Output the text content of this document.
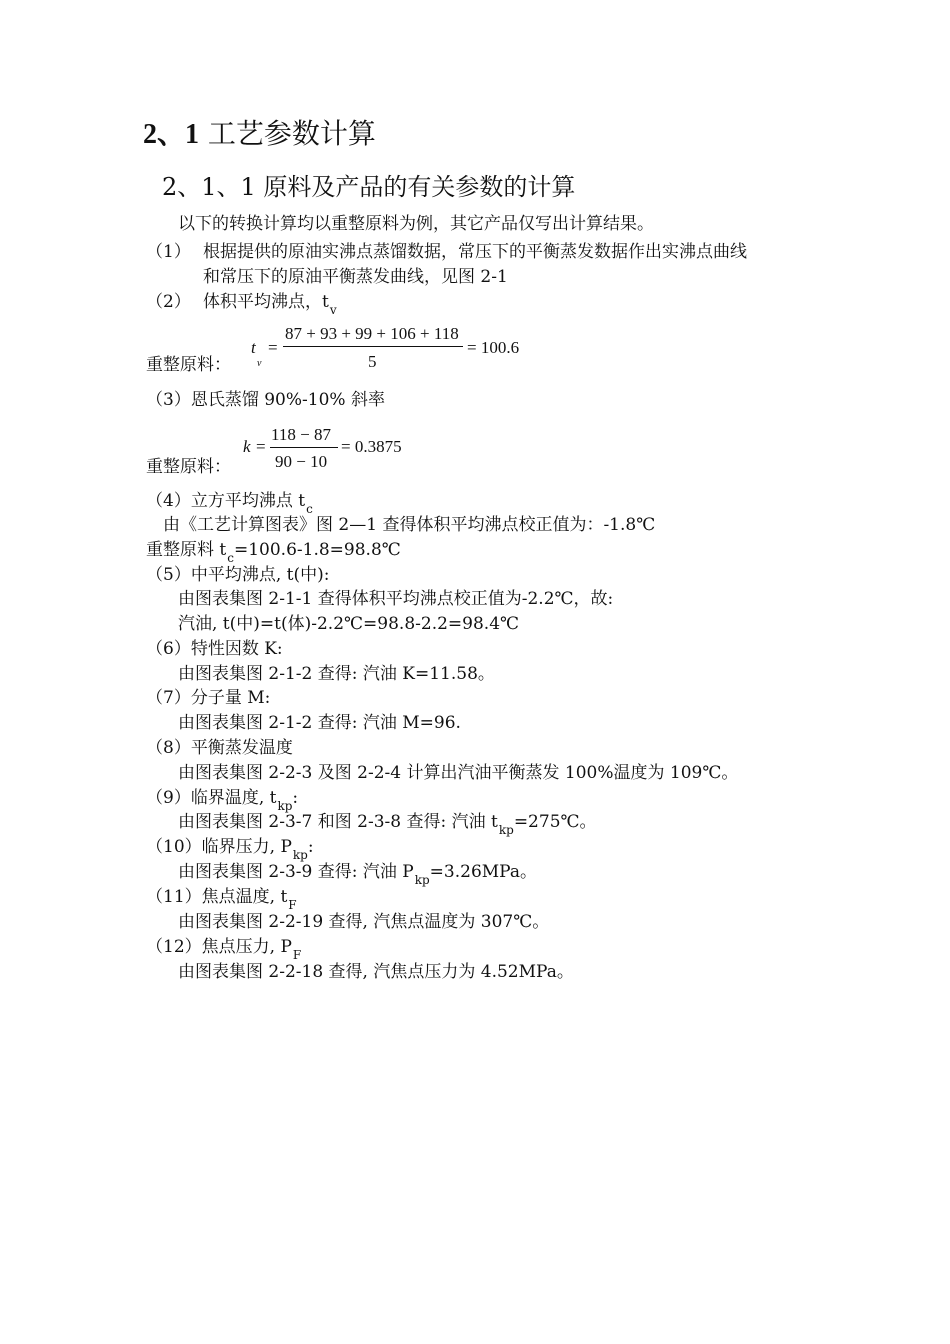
2、1 工艺参数计算
2、1、1 原料及产品的有关参数的计算
以下的转换计算均以重整原料为例，其它产品仅写出计算结果。
（1） 根据提供的原油实沸点蒸馏数据，常压下的平衡蒸发数据作出实沸点曲线
和常压下的原油平衡蒸发曲线，见图 2-1
（2） 体积平均沸点，$t_v$
重整原料：
t
v
=
87 + 93 + 99 + 106 + 118
5
= 100.6
（3）恩氏蒸馏 90%-10% 斜率
重整原料：
k =
118 − 87
90 − 10
= 0.3875
（4）立方平均沸点 $t_c$
由《工艺计算图表》图 2—1 查得体积平均沸点校正值为：-1.8℃
重整原料 $t_c=100.6-1.8=98.8℃$
（5）中平均沸点, t(中):
由图表集图 2-1-1 查得体积平均沸点校正值为-2.2℃，故:
汽油, t(中)=t(体)-2.2℃=98.8-2.2=98.4℃
（6）特性因数 K:
由图表集图 2-1-2 查得: 汽油 K=11.58。
（7）分子量 M:
由图表集图 2-1-2 查得: 汽油 M=96.
（8）平衡蒸发温度
由图表集图 2-2-3 及图 2-2-4 计算出汽油平衡蒸发 100%温度为 109℃。
（9）临界温度, $t_{kp}$:
由图表集图 2-3-7 和图 2-3-8 查得: 汽油 $t_{kp}=275℃$。
（10）临界压力, $P_{kp}$:
由图表集图 2-3-9 查得: 汽油 $P_{kp}=3.26MPa$。
（11）焦点温度, $t_F$
由图表集图 2-2-19 查得, 汽焦点温度为 307℃。
（12）焦点压力, $P_F$
由图表集图 2-2-18 查得, 汽焦点压力为 4.52MPa。
